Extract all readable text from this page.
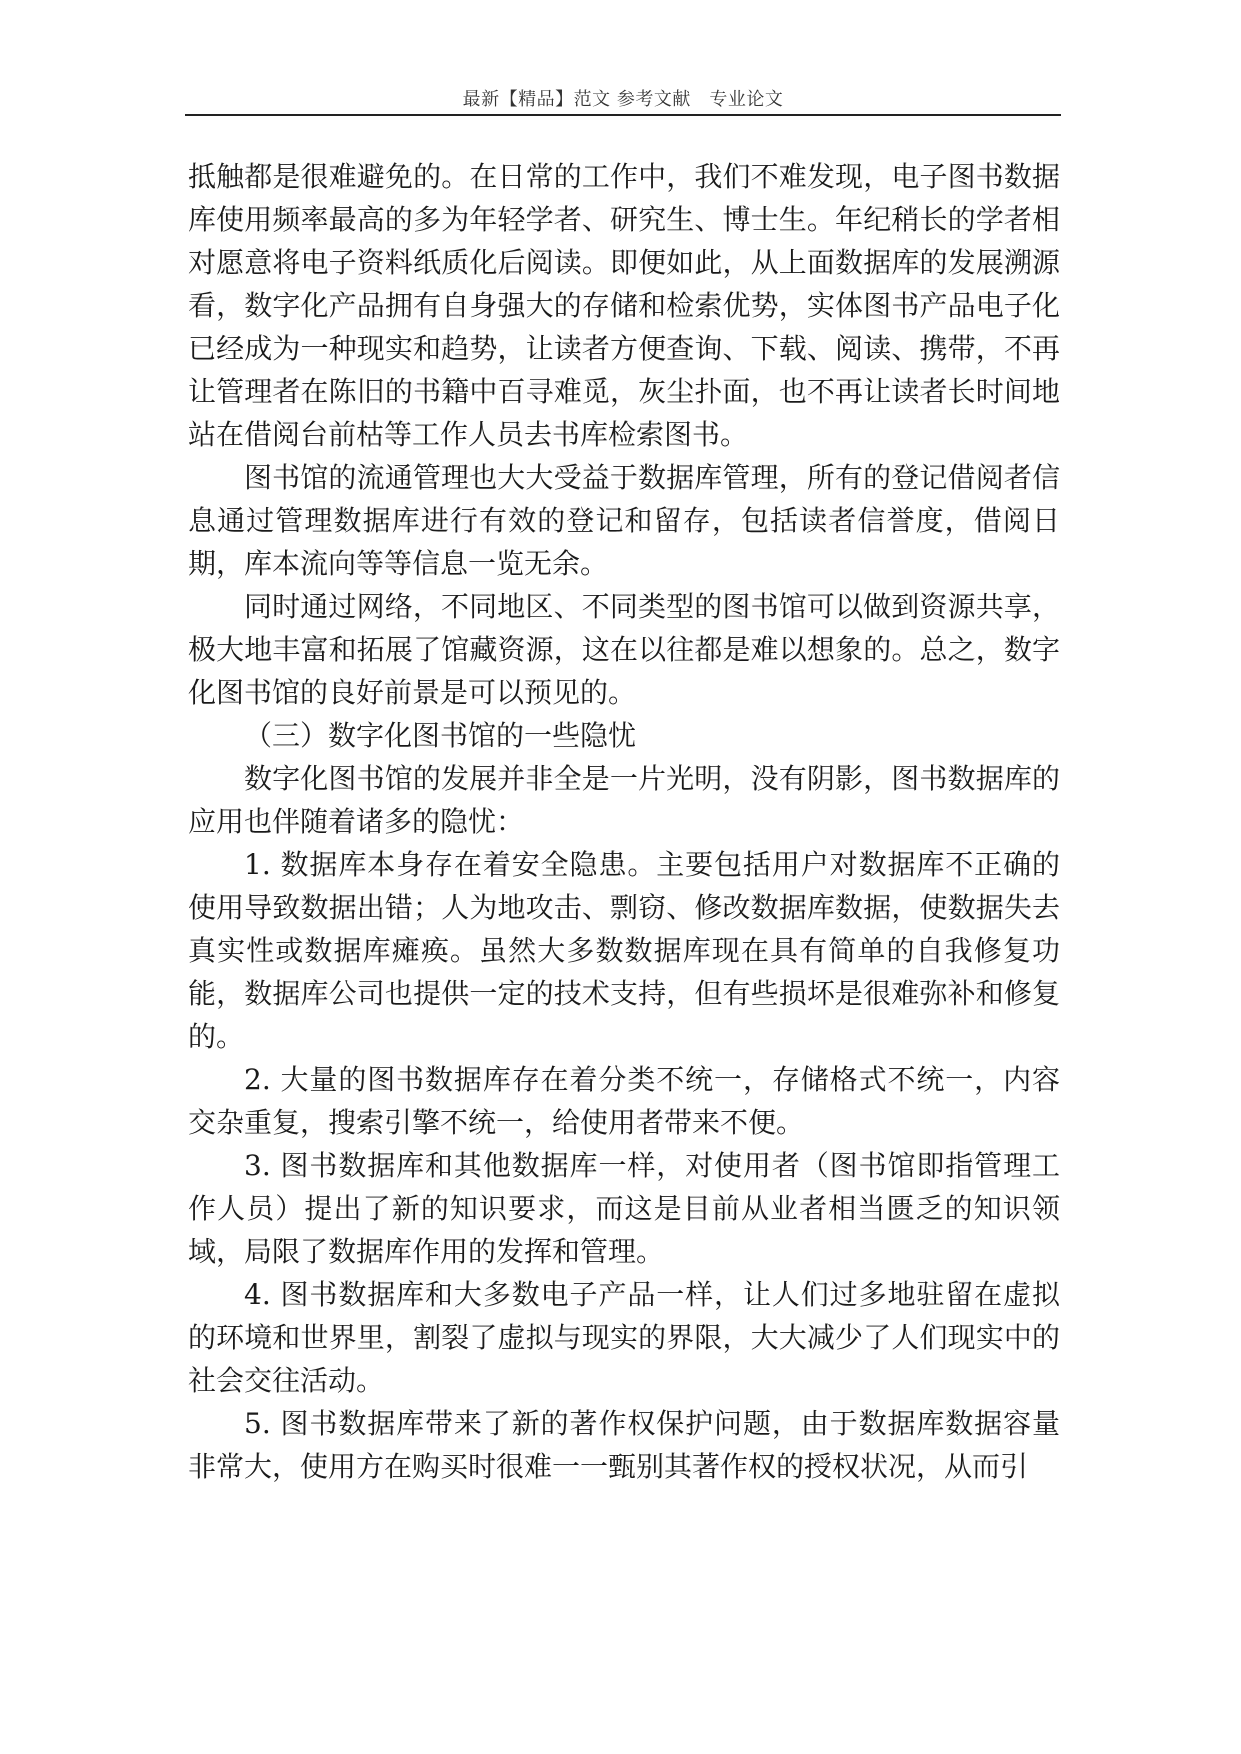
最新【精品】范文 参考文献　专业论文

抵触都是很难避免的。在日常的工作中，我们不难发现，电子图书数据库使用频率最高的多为年轻学者、研究生、博士生。年纪稍长的学者相对愿意将电子资料纸质化后阅读。即便如此，从上面数据库的发展溯源看，数字化产品拥有自身强大的存储和检索优势，实体图书产品电子化已经成为一种现实和趋势，让读者方便查询、下载、阅读、携带，不再让管理者在陈旧的书籍中百寻难觅，灰尘扑面，也不再让读者长时间地站在借阅台前枯等工作人员去书库检索图书。

图书馆的流通管理也大大受益于数据库管理，所有的登记借阅者信息通过管理数据库进行有效的登记和留存，包括读者信誉度，借阅日期，库本流向等等信息一览无余。

同时通过网络，不同地区、不同类型的图书馆可以做到资源共享，极大地丰富和拓展了馆藏资源，这在以往都是难以想象的。总之，数字化图书馆的良好前景是可以预见的。

（三）数字化图书馆的一些隐忧

数字化图书馆的发展并非全是一片光明，没有阴影，图书数据库的应用也伴随着诸多的隐忧：

1. 数据库本身存在着安全隐患。主要包括用户对数据库不正确的使用导致数据出错；人为地攻击、剽窃、修改数据库数据，使数据失去真实性或数据库瘫痪。虽然大多数数据库现在具有简单的自我修复功能，数据库公司也提供一定的技术支持，但有些损坏是很难弥补和修复的。

2. 大量的图书数据库存在着分类不统一，存储格式不统一，内容交杂重复，搜索引擎不统一，给使用者带来不便。

3. 图书数据库和其他数据库一样，对使用者（图书馆即指管理工作人员）提出了新的知识要求，而这是目前从业者相当匮乏的知识领域，局限了数据库作用的发挥和管理。

4. 图书数据库和大多数电子产品一样，让人们过多地驻留在虚拟的环境和世界里，割裂了虚拟与现实的界限，大大减少了人们现实中的社会交往活动。

5. 图书数据库带来了新的著作权保护问题，由于数据库数据容量非常大，使用方在购买时很难一一甄别其著作权的授权状况，从而引
